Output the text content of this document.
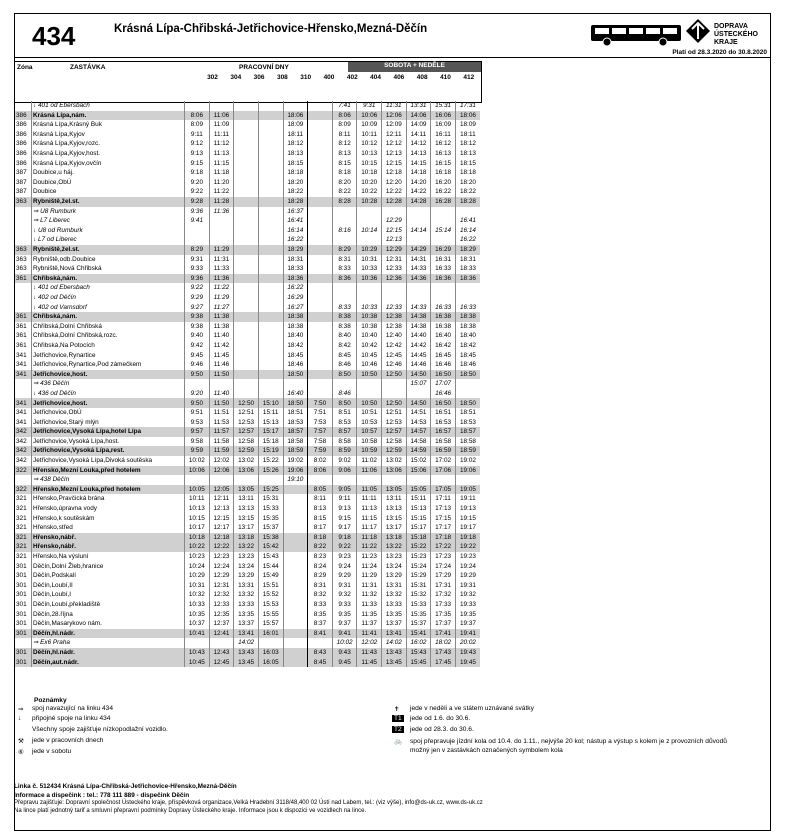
434	Krásná Lípa-Chřibská-Jetřichovice-Hřensko,Mezná-Děčín	DOPRAVA ÚSTECKÉHO KRAJE
Platí od 28.3.2020 do 30.8.2020
Zóna	ZASTÁVKA	PRACOVNÍ DNY	SOBOTA + NEDĚLE
302	304	306	308	310	400	402	404	406	408	410	412
	↓ 401 od Ebersbach							7:41	9:31	11:31	13:31	15:31	17:31
386	Krásná Lípa,nám.	8:06	11:06			18:06		8:06	10:06	12:06	14:06	16:06	18:06
386	Krásná Lípa,Krásný Buk	8:09	11:09			18:09		8:09	10:09	12:09	14:09	16:09	18:09
386	Krásná Lípa,Kyjov	9:11	11:11			18:11		8:11	10:11	12:11	14:11	16:11	18:11
386	Krásná Lípa,Kyjov,rozc.	9:12	11:12			18:12		8:12	10:12	12:12	14:12	16:12	18:12
386	Krásná Lípa,Kyjov,host.	9:13	11:13			18:13		8:13	10:13	12:13	14:13	16:13	18:13
386	Krásná Lípa,Kyjov,ovčín	9:15	11:15			18:15		8:15	10:15	12:15	14:15	16:15	18:15
387	Doubice,u háj.	9:18	11:18			18:18		8:18	10:18	12:18	14:18	16:18	18:18
387	Doubice,ObÚ	9:20	11:20			18:20		8:20	10:20	12:20	14:20	16:20	18:20
387	Doubice	9:22	11:22			18:22		8:22	10:22	12:22	14:22	16:22	18:22
363	Rybniště,žel.st.	9:28	11:28			18:28		8:28	10:28	12:28	14:28	16:28	18:28
	⇒ U8 Rumburk	9:36	11:36			16:37							
	⇒ L7 Liberec	9:41				16:41				12:29			16:41
	↓ U8 od Rumburk					16:14		8:16	10:14	12:15	14:14	15:14	16:14
	↓ L7 od Liberec					16:22				12:13			16:22
363	Rybniště,žel.st.	8:29	11:29			18:29		8:29	10:29	12:29	14:29	16:29	18:29
363	Rybniště,odb.Doubice	9:31	11:31			18:31		8:31	10:31	12:31	14:31	16:31	18:31
363	Rybniště,Nová Chřibská	9:33	11:33			18:33		8:33	10:33	12:33	14:33	16:33	18:33
361	Chřibská,nám.	9:36	11:36			18:36		8:36	10:36	12:36	14:36	16:36	18:36
	↓ 401 od Ebersbach	9:22	11:22			16:22							
	↓ 402 od Děčín	9:29	11:29			16:29							
	↓ 402 od Varnsdorf	9:27	11:27			16:27		8:33	10:33	12:33	14:33	16:33	16:33
361	Chřibská,nám.	9:38	11:38			18:38		8:38	10:38	12:38	14:38	16:38	18:38
361	Chřibská,Dolní Chřibská	9:38	11:38			18:38		8:38	10:38	12:38	14:38	16:38	18:38
361	Chřibská,Dolní Chřibská,rozc.	9:40	11:40			18:40		8:40	10:40	12:40	14:40	16:40	18:40
361	Chřibská,Na Potocích	9:42	11:42			18:42		8:42	10:42	12:42	14:42	16:42	18:42
341	Jetřichovice,Rynartice	9:45	11:45			18:45		8:45	10:45	12:45	14:45	16:45	18:45
341	Jetřichovice,Rynartice,Pod zámečkem	9:46	11:46			18:46		8:46	10:46	12:46	14:46	16:46	18:46
341	Jetřichovice,host.	9:50	11:50			18:50		8:50	10:50	12:50	14:50	16:50	18:50
	⇒ 436 Děčín										15:07	17:07	
	↓ 436 od Děčín	9:20	11:40			16:40		8:46				16:46	
341	Jetřichovice,host.	9:50	11:50	12:50	15:10	18:50	7:50	8:50	10:50	12:50	14:50	16:50	18:50
341	Jetřichovice,ObÚ	9:51	11:51	12:51	15:11	18:51	7:51	8:51	10:51	12:51	14:51	16:51	18:51
341	Jetřichovice,Starý mlýn	9:53	11:53	12:53	15:13	18:53	7:53	8:53	10:53	12:53	14:53	16:53	18:53
342	Jetřichovice,Vysoká Lípa,hotel Lípa	9:57	11:57	12:57	15:17	18:57	7:57	8:57	10:57	12:57	14:57	16:57	18:57
342	Jetřichovice,Vysoká Lípa,host.	9:58	11:58	12:58	15:18	18:58	7:58	8:58	10:58	12:58	14:58	16:58	18:58
342	Jetřichovice,Vysoká Lípa,rest.	9:59	11:59	12:59	15:19	18:59	7:59	8:59	10:59	12:59	14:59	16:59	18:59
342	Jetřichovice,Vysoká Lípa,Divoká soutěska	10:02	12:02	13:02	15:22	19:02	8:02	9:02	11:02	13:02	15:02	17:02	19:02
322	Hřensko,Mezní Louka,před hotelem	10:06	12:06	13:06	15:26	19:06	8:06	9:06	11:06	13:06	15:06	17:06	19:06
	⇒ 438 Děčín					19:10							
322	Hřensko,Mezní Louka,před hotelem	10:05	12:05	13:05	15:25		8:05	9:05	11:05	13:05	15:05	17:05	19:05
321	Hřensko,Pravčická brána	10:11	12:11	13:11	15:31		8:11	9:11	11:11	13:11	15:11	17:11	19:11
321	Hřensko,úpravna vody	10:13	12:13	13:13	15:33		8:13	9:13	11:13	13:13	15:13	17:13	19:13
321	Hřensko,k soutěskám	10:15	12:15	13:15	15:35		8:15	9:15	11:15	13:15	15:15	17:15	19:15
321	Hřensko,střed	10:17	12:17	13:17	15:37		8:17	9:17	11:17	13:17	15:17	17:17	19:17
321	Hřensko,nábř.	10:18	12:18	13:18	15:38		8:18	9:18	11:18	13:18	15:18	17:18	19:18
321	Hřensko,nábř.	10:22	12:22	13:22	15:42		8:22	9:22	11:22	13:22	15:22	17:22	19:22
321	Hřensko,Na výsluní	10:23	12:23	13:23	15:43		8:23	9:23	11:23	13:23	15:23	17:23	19:23
301	Děčín,Dolní Žleb,hranice	10:24	12:24	13:24	15:44		8:24	9:24	11:24	13:24	15:24	17:24	19:24
301	Děčín,Podskalí	10:29	12:29	13:29	15:49		8:29	9:29	11:29	13:29	15:29	17:29	19:29
301	Děčín,Loubí,II	10:31	12:31	13:31	15:51		8:31	9:31	11:31	13:31	15:31	17:31	19:31
301	Děčín,Loubí,I	10:32	12:32	13:32	15:52		8:32	9:32	11:32	13:32	15:32	17:32	19:32
301	Děčín,Loubí,překladiště	10:33	12:33	13:33	15:53		8:33	9:33	11:33	13:33	15:33	17:33	19:33
301	Děčín,28.října	10:35	12:35	13:35	15:55		8:35	9:35	11:35	13:35	15:35	17:35	19:35
301	Děčín,Masarykovo nám.	10:37	12:37	13:37	15:57		8:37	9:37	11:37	13:37	15:37	17:37	19:37
301	Děčín,hl.nádr.	10:41	12:41	13:41	16:01		8:41	9:41	11:41	13:41	15:41	17:41	19:41
	⇒ Ex6 Praha			14:02				10:02	12:02	14:02	16:02	18:02	20:02
301	Děčín,hl.nádr.	10:43	12:43	13:43	16:03		8:43	9:43	11:43	13:43	15:43	17:43	19:43
301	Děčín,aut.nádr.	10:45	12:45	13:45	16:05		8:45	9:45	11:45	13:45	15:45	17:45	19:45
Poznámky
⇒ spoj navazující na linku 434
↓ připojné spoje na linku 434
Všechny spoje zajišťuje nízkopodlažní vozidlo.
⚒ jede v pracovních dnech
⑥ jede v sobotu
✝ jede v neděli a ve státem uznávané svátky
T1	jede od 1.6. do 30.6.
T2	jede od 28.3. do 30.6.
🚲 spoj přepravuje jízdní kola od 10.4. do 1.11., nejvýše 20 kol; nástup a výstup s kolem je z provozních důvodů možný jen v zastávkách označených symbolem kola
Linka č. 512434 Krásná Lípa-Chřibská-Jetřichovice-Hřensko,Mezná-Děčín
Informace a dispečink : tel.: 778 111 889 - dispečink Děčín
Přepravu zajišťuje: Dopravní společnost Ústeckého kraje, příspěvková organizace,Velká Hradební 3118/48,400 02 Ústí nad Labem, tel.: (viz výše), info@ds-uk.cz, www.ds-uk.cz
Na lince platí jednotný tarif a smluvní přepravní podmínky Dopravy Ústeckého kraje. Informace jsou k dispozici ve vozidlech na lince.
